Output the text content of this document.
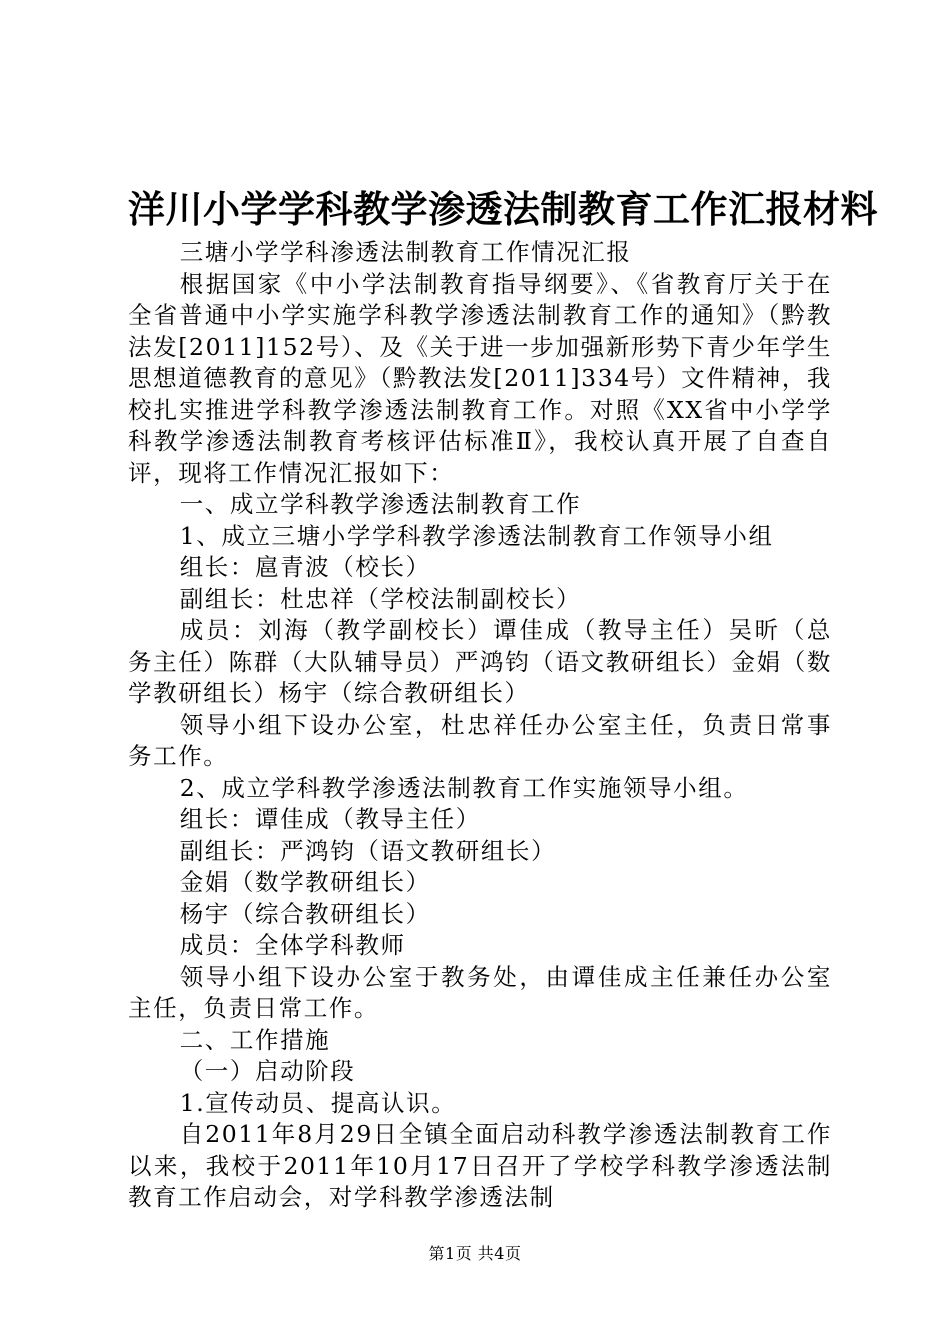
洋川小学学科教学渗透法制教育工作汇报材料

三塘小学学科渗透法制教育工作情况汇报

根据国家《中小学法制教育指导纲要》、《省教育厅关于在全省普通中小学实施学科教学渗透法制教育工作的通知》（黔教法发[2011]152号）、及《关于进一步加强新形势下青少年学生思想道德教育的意见》（黔教法发[2011]334号）文件精神，我校扎实推进学科教学渗透法制教育工作。对照《XX省中小学学科教学渗透法制教育考核评估标准Ⅱ》，我校认真开展了自查自评，现将工作情况汇报如下：

一、成立学科教学渗透法制教育工作

1、成立三塘小学学科教学渗透法制教育工作领导小组

组长：扈青波（校长）

副组长：杜忠祥（学校法制副校长）

成员：刘海（教学副校长）谭佳成（教导主任）吴昕（总务主任）陈群（大队辅导员）严鸿钧（语文教研组长）金娟（数学教研组长）杨宇（综合教研组长）

领导小组下设办公室，杜忠祥任办公室主任，负责日常事务工作。

2、成立学科教学渗透法制教育工作实施领导小组。

组长：谭佳成（教导主任）

副组长：严鸿钧（语文教研组长）

金娟（数学教研组长）

杨宇（综合教研组长）

成员：全体学科教师

领导小组下设办公室于教务处，由谭佳成主任兼任办公室主任，负责日常工作。

二、工作措施

（一）启动阶段

1.宣传动员、提高认识。

自2011年8月29日全镇全面启动科教学渗透法制教育工作以来，我校于2011年10月17日召开了学校学科教学渗透法制教育工作启动会，对学科教学渗透法制

第1页 共4页
